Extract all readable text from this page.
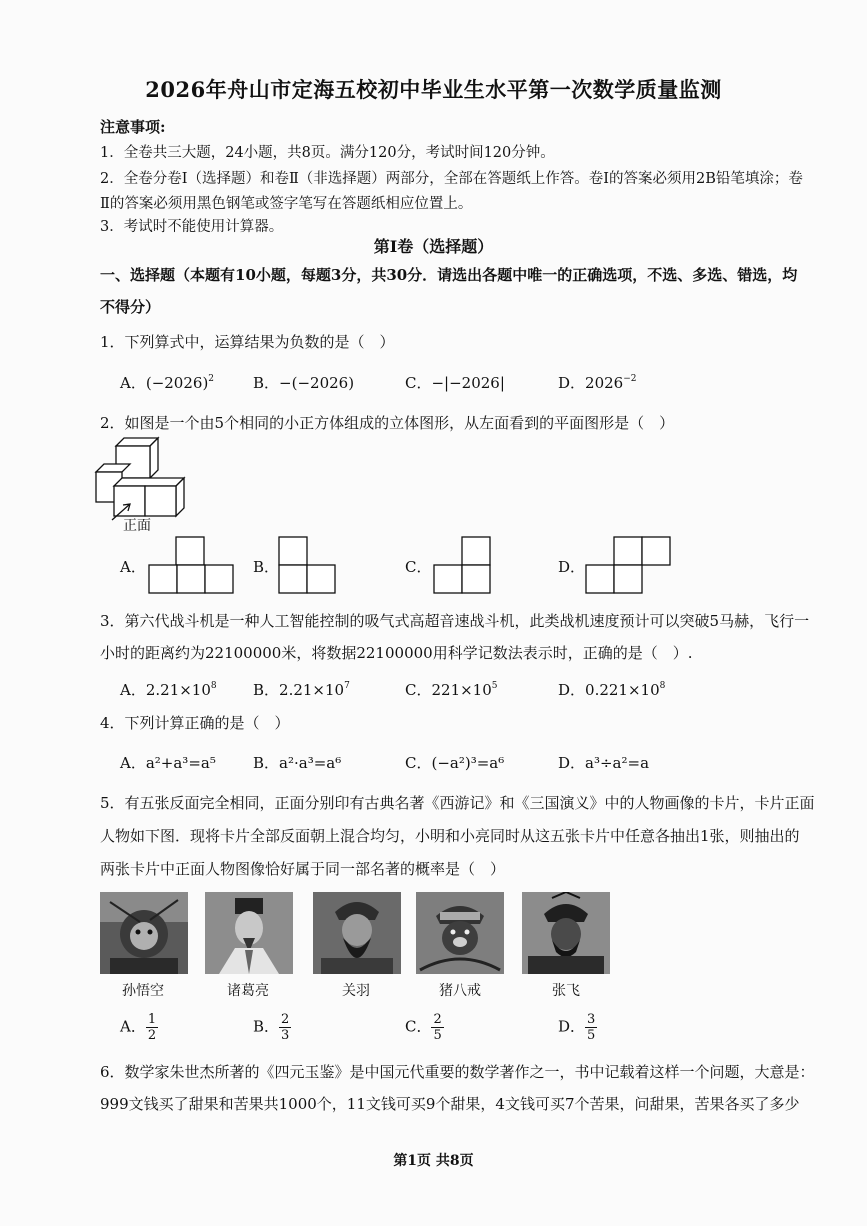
2026年舟山市定海五校初中毕业生水平第一次数学质量监测
注意事项:
1．全卷共三大题，24小题，共8页。满分120分，考试时间120分钟。
2．全卷分卷Ⅰ（选择题）和卷Ⅱ（非选择题）两部分，全部在答题纸上作答。卷Ⅰ的答案必须用2B铅笔填涂；卷
Ⅱ的答案必须用黑色钢笔或签字笔写在答题纸相应位置上。
3．考试时不能使用计算器。
第Ⅰ卷（选择题）
一、选择题（本题有10小题，每题3分，共30分．请选出各题中唯一的正确选项，不选、多选、错选，均
不得分）
1．下列算式中，运算结果为负数的是（　）
A．$(-2026)^2$	B．−(−2026)	C．−|−2026|	D．$2026^{-2}$
2．如图是一个由5个相同的小正方体组成的立体图形，从左面看到的平面图形是（　）
正面
A．	B．	C．	D．
3．第六代战斗机是一种人工智能控制的吸气式高超音速战斗机，此类战机速度预计可以突破5马赫，飞行一
小时的距离约为22100000米，将数据22100000用科学记数法表示时，正确的是（　）.
A．$2.21\times 10^8$ B．$2.21\times 10^7$	C．$221\times 10^5$	D．$0.221\times 10^8$
4．下列计算正确的是（　）
A．a²+a³=a⁵ B．a²·a³=a⁶	C．(−a²)³=a⁶	D．a³÷a²=a
5．有五张反面完全相同，正面分别印有古典名著《西游记》和《三国演义》中的人物画像的卡片，卡片正面
人物如下图．现将卡片全部反面朝上混合均匀，小明和小亮同时从这五张卡片中任意各抽出1张，则抽出的
两张卡片中正面人物图像恰好属于同一部名著的概率是（　）
孙悟空	诸葛亮	关羽	猪八戒	张飞
A． $\frac{1}{2}$	B． $\frac{2}{3}$	C． $\frac{2}{5}$	D． $\frac{3}{5}$
6．数学家朱世杰所著的《四元玉鉴》是中国元代重要的数学著作之一，书中记载着这样一个问题，大意是：
999文钱买了甜果和苦果共1000个，11文钱可买9个甜果，4文钱可买7个苦果，问甜果，苦果各买了多少
第1页 共8页
